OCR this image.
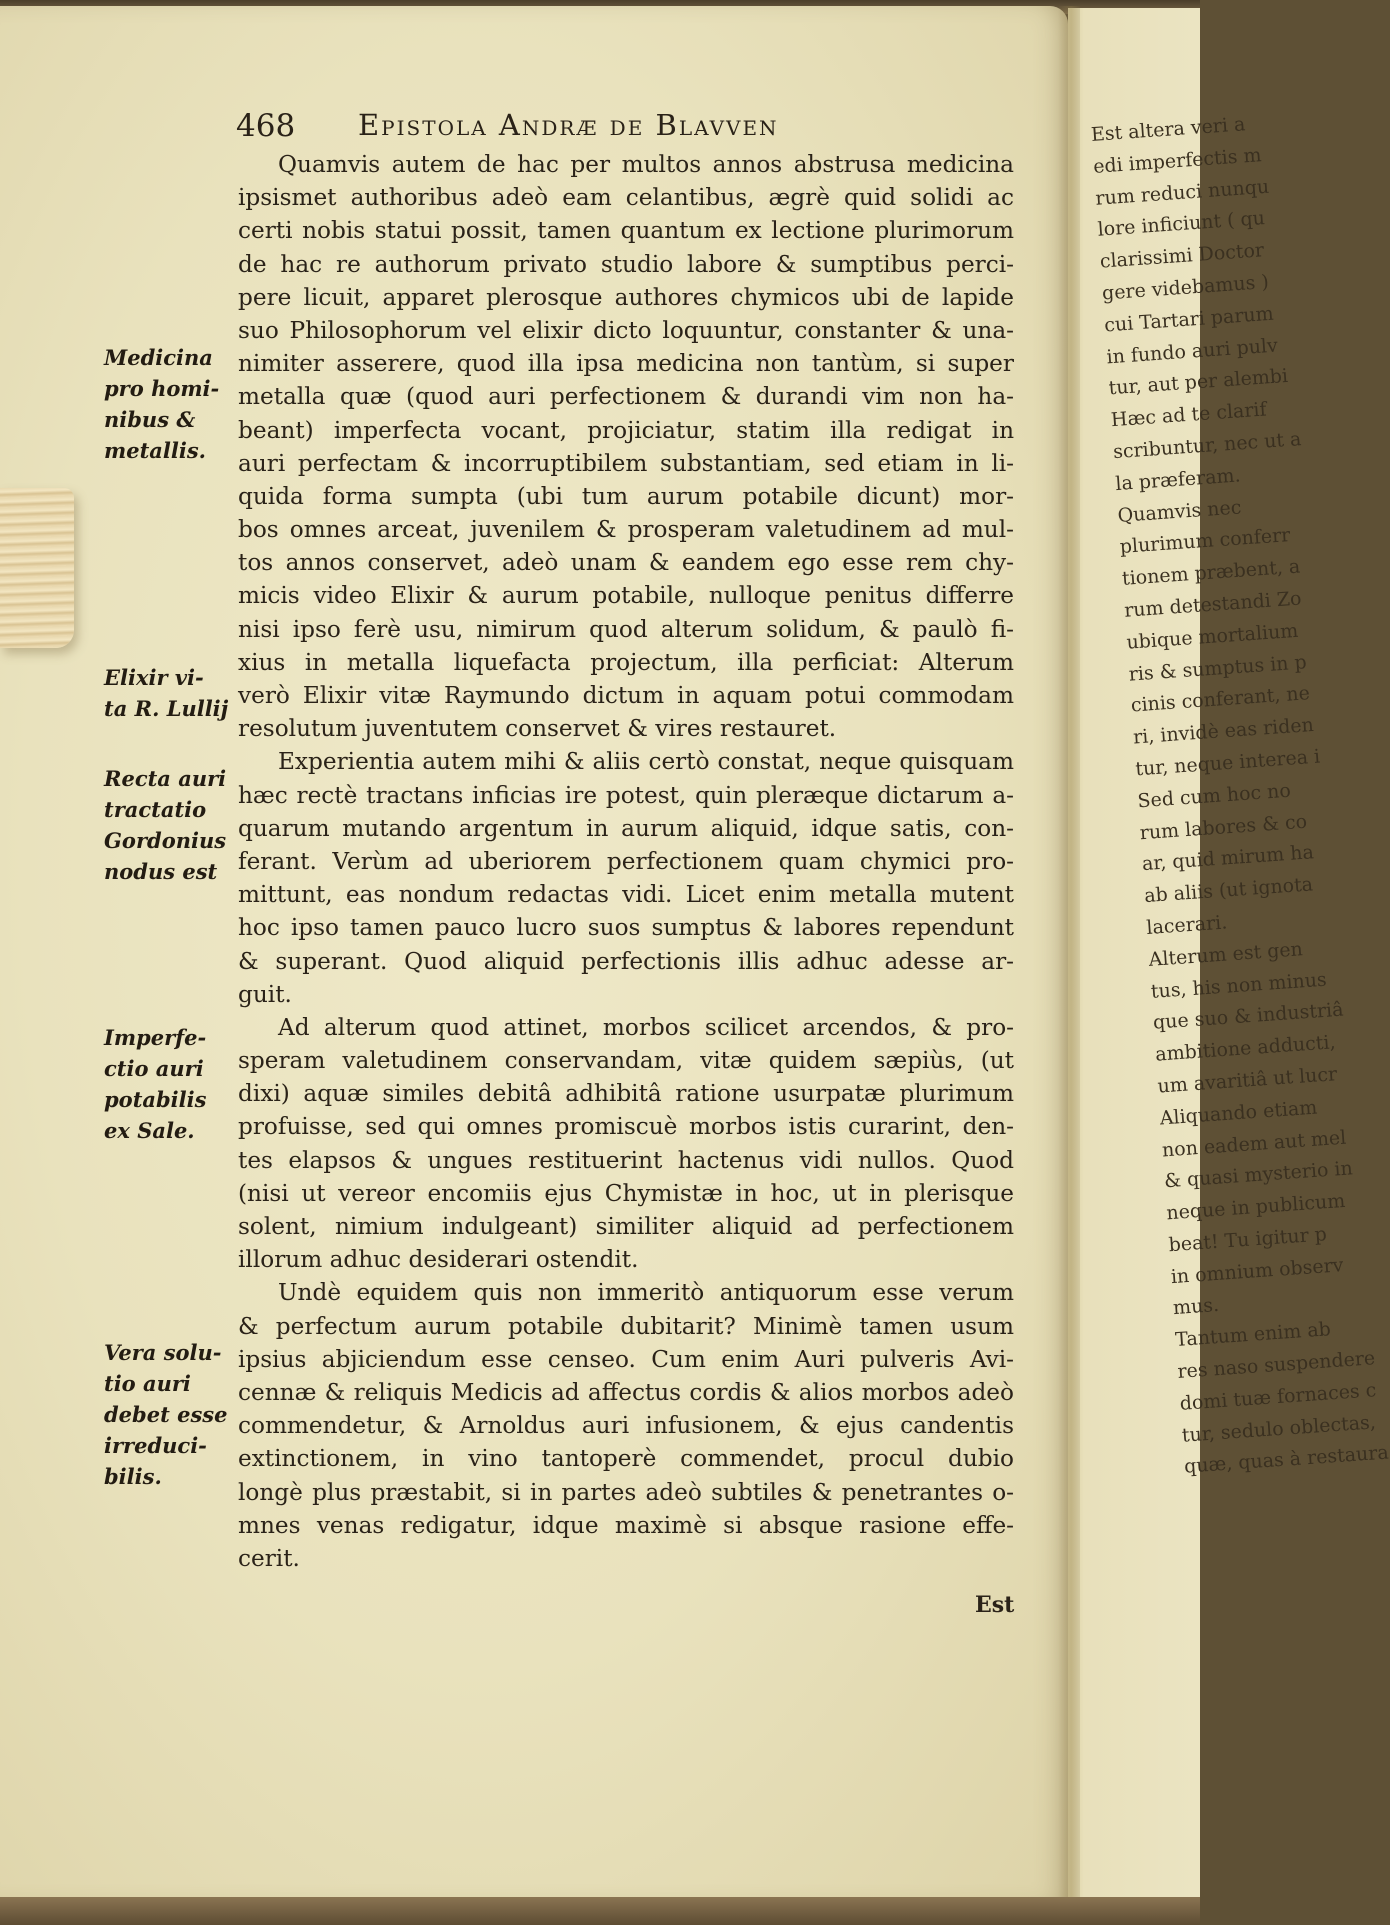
Est altera veri a
edi imperfectis m
rum reduci nunqu
lore inficiunt ( qu
clarissimi Doctor
gere videbamus )
cui Tartari parum
in fundo auri pulv
tur, aut per alembi
Hæc ad te clarif
scribuntur, nec ut a
la præferam.
Quamvis nec
plurimum conferr
tionem præbent, a
rum detestandi Zo
ubique mortalium
ris & sumptus in p
cinis conferant, ne
ri, invidè eas riden
tur, neque interea i
Sed cum hoc no
rum labores & co
ar, quid mirum ha
ab aliis (ut ignota
lacerari.
Alterum est gen
tus, his non minus
que suo & industriâ
ambitione adducti,
um avaritiâ ut lucr
Aliquando etiam
non eadem aut mel
& quasi mysterio in
neque in publicum
beat! Tu igitur p
in omnium observ
mus.
Tantum enim ab
res naso suspendere
domi tuæ fornaces c
tur, sedulo oblectas,
quæ, quas à restaura
468 Epistola Andræ de Blavven
Quamvis autem de hac per multos annos abstrusa medicina
ipsismet authoribus adeò eam celantibus, ægrè quid solidi ac
certi nobis statui possit, tamen quantum ex lectione plurimorum
de hac re authorum privato studio labore & sumptibus perci-
pere licuit, apparet plerosque authores chymicos ubi de lapide
suo Philosophorum vel elixir dicto loquuntur, constanter & una-
nimiter asserere, quod illa ipsa medicina non tantùm, si super
metalla quæ (quod auri perfectionem & durandi vim non ha-
beant) imperfecta vocant, projiciatur, statim illa redigat in
auri perfectam & incorruptibilem substantiam, sed etiam in li-
quida forma sumpta (ubi tum aurum potabile dicunt) mor-
bos omnes arceat, juvenilem & prosperam valetudinem ad mul-
tos annos conservet, adeò unam & eandem ego esse rem chy-
micis video Elixir & aurum potabile, nulloque penitus differre
nisi ipso ferè usu, nimirum quod alterum solidum, & paulò fi-
xius in metalla liquefacta projectum, illa perficiat: Alterum
verò Elixir vitæ Raymundo dictum in aquam potui commodam
resolutum juventutem conservet & vires restauret.
Experientia autem mihi & aliis certò constat, neque quisquam
hæc rectè tractans inficias ire potest, quin pleræque dictarum a-
quarum mutando argentum in aurum aliquid, idque satis, con-
ferant. Verùm ad uberiorem perfectionem quam chymici pro-
mittunt, eas nondum redactas vidi. Licet enim metalla mutent
hoc ipso tamen pauco lucro suos sumptus & labores rependunt
& superant. Quod aliquid perfectionis illis adhuc adesse ar-
guit.
Ad alterum quod attinet, morbos scilicet arcendos, & pro-
speram valetudinem conservandam, vitæ quidem sæpiùs, (ut
dixi) aquæ similes debitâ adhibitâ ratione usurpatæ plurimum
profuisse, sed qui omnes promiscuè morbos istis curarint, den-
tes elapsos & ungues restituerint hactenus vidi nullos. Quod
(nisi ut vereor encomiis ejus Chymistæ in hoc, ut in plerisque
solent, nimium indulgeant) similiter aliquid ad perfectionem
illorum adhuc desiderari ostendit.
Undè equidem quis non immeritò antiquorum esse verum
& perfectum aurum potabile dubitarit? Minimè tamen usum
ipsius abjiciendum esse censeo. Cum enim Auri pulveris Avi-
cennæ & reliquis Medicis ad affectus cordis & alios morbos adeò
commendetur, & Arnoldus auri infusionem, & ejus candentis
extinctionem, in vino tantoperè commendet, procul dubio
longè plus præstabit, si in partes adeò subtiles & penetrantes o-
mnes venas redigatur, idque maximè si absque rasione effe-
cerit.
Medicina
pro homi-
nibus &
metallis.
Elixir vi-
ta R. Lullij
Recta auri
tractatio
Gordonius
nodus est
Imperfe-
ctio auri
potabilis
ex Sale.
Vera solu-
tio auri
debet esse
irreduci-
bilis.
Est
